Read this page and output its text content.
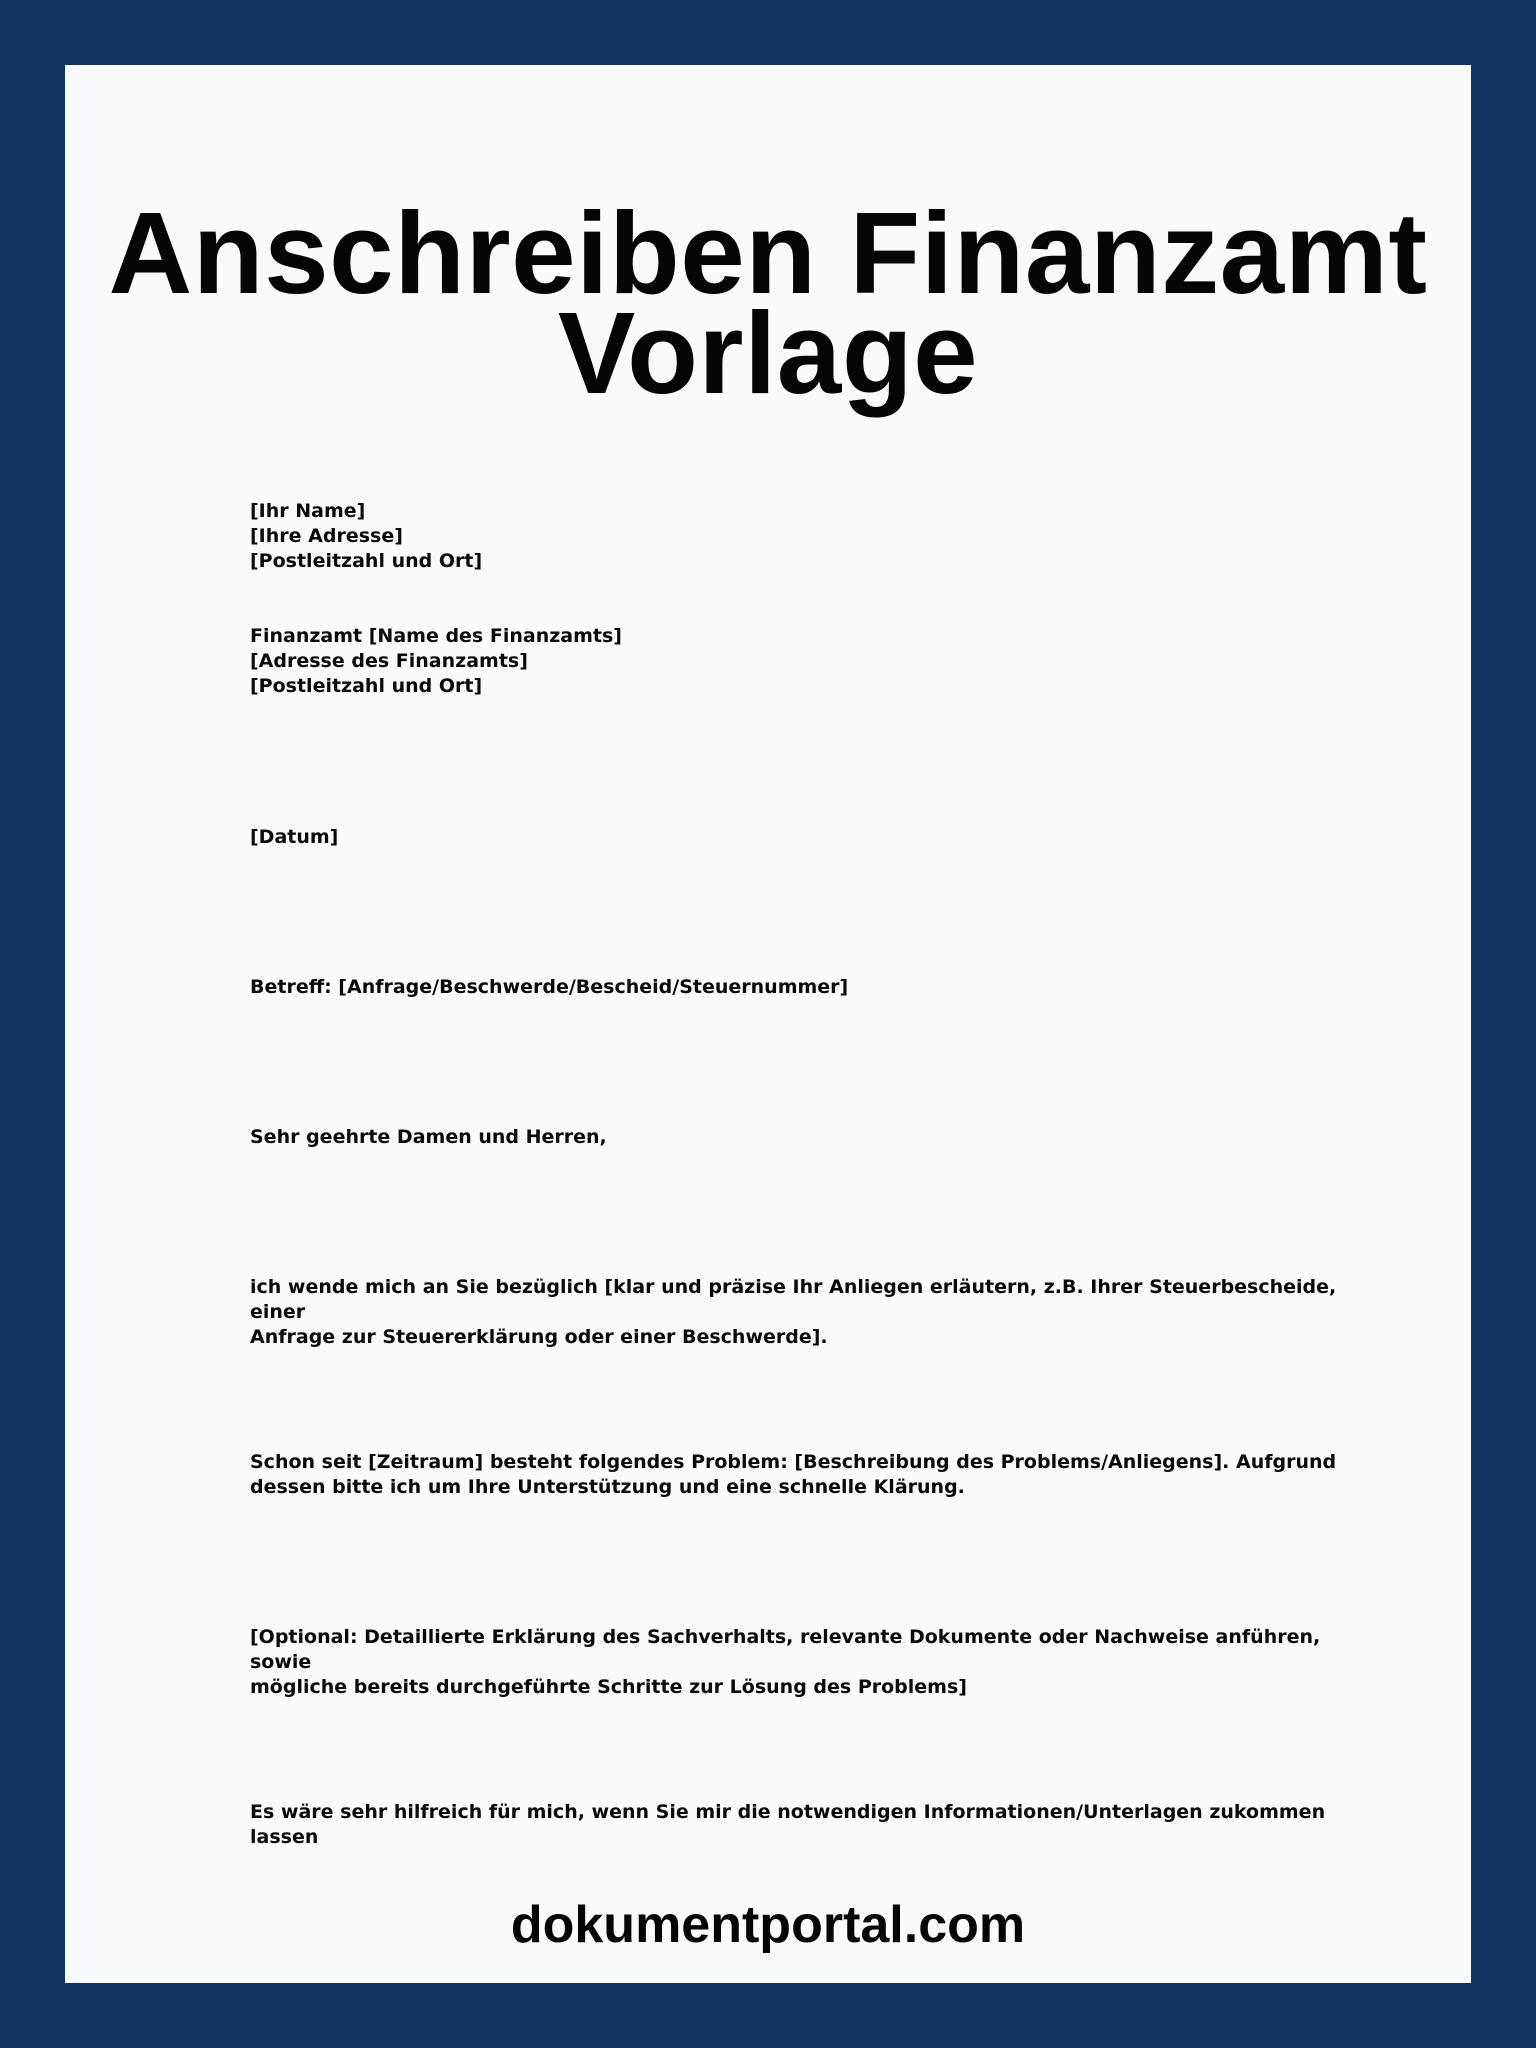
Anschreiben Finanzamt
Vorlage

[Ihr Name]
[Ihre Adresse]
[Postleitzahl und Ort]

Finanzamt [Name des Finanzamts]
[Adresse des Finanzamts]
[Postleitzahl und Ort]

[Datum]

Betreff: [Anfrage/Beschwerde/Bescheid/Steuernummer]

Sehr geehrte Damen und Herren,

ich wende mich an Sie bezüglich [klar und präzise Ihr Anliegen erläutern, z.B. Ihrer Steuerbescheide, einer
Anfrage zur Steuererklärung oder einer Beschwerde].

Schon seit [Zeitraum] besteht folgendes Problem: [Beschreibung des Problems/Anliegens]. Aufgrund
dessen bitte ich um Ihre Unterstützung und eine schnelle Klärung.

[Optional: Detaillierte Erklärung des Sachverhalts, relevante Dokumente oder Nachweise anführen, sowie
mögliche bereits durchgeführte Schritte zur Lösung des Problems]

Es wäre sehr hilfreich für mich, wenn Sie mir die notwendigen Informationen/Unterlagen zukommen lassen

dokumentportal.com
